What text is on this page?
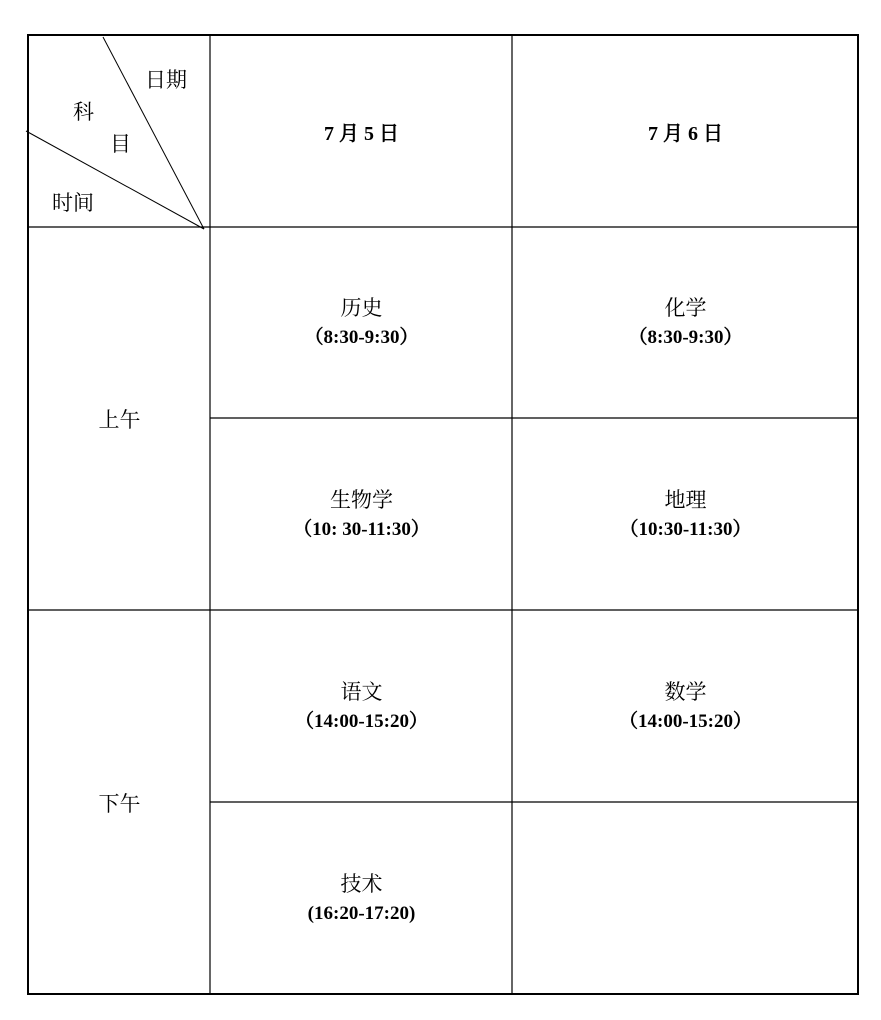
日期
科
目
时间
7 月 5 日	7 月 6 日
上午
下午
历史
（8:30-9:30）
化学
（8:30-9:30）
生物学
（10: 30-11:30）
地理
（10:30-11:30）
语文
（14:00-15:20）
数学
（14:00-15:20）
技术
(16:20-17:20)
